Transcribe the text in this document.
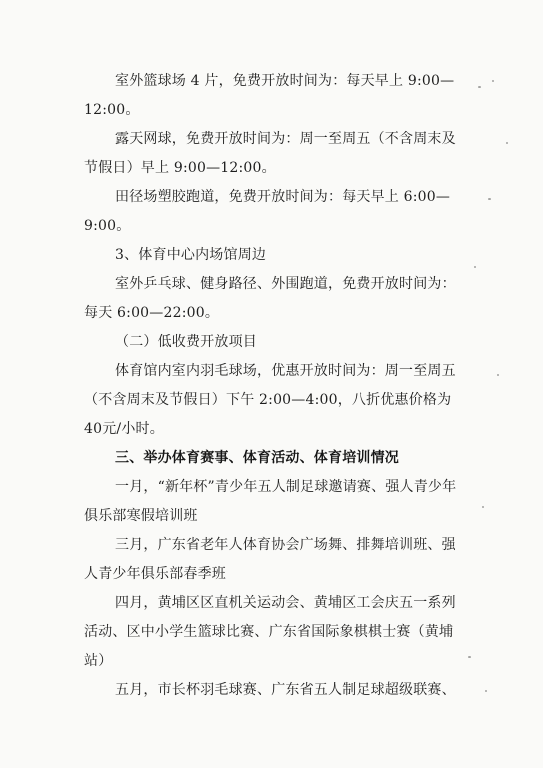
室外篮球场 4 片，免费开放时间为：每天早上 9:00—
12:00。
露天网球，免费开放时间为：周一至周五（不含周末及
节假日）早上 9:00—12:00。
田径场塑胶跑道，免费开放时间为：每天早上 6:00—
9:00。
3、体育中心内场馆周边
室外乒乓球、健身路径、外围跑道，免费开放时间为：
每天 6:00—22:00。
（二）低收费开放项目
体育馆内室内羽毛球场，优惠开放时间为：周一至周五
（不含周末及节假日）下午 2:00—4:00，八折优惠价格为
40元/小时。
三、举办体育赛事、体育活动、体育培训情况
一月，“新年杯”青少年五人制足球邀请赛、强人青少年
俱乐部寒假培训班
三月，广东省老年人体育协会广场舞、排舞培训班、强
人青少年俱乐部春季班
四月，黄埔区区直机关运动会、黄埔区工会庆五一系列
活动、区中小学生篮球比赛、广东省国际象棋棋士赛（黄埔
站）
五月，市长杯羽毛球赛、广东省五人制足球超级联赛、
